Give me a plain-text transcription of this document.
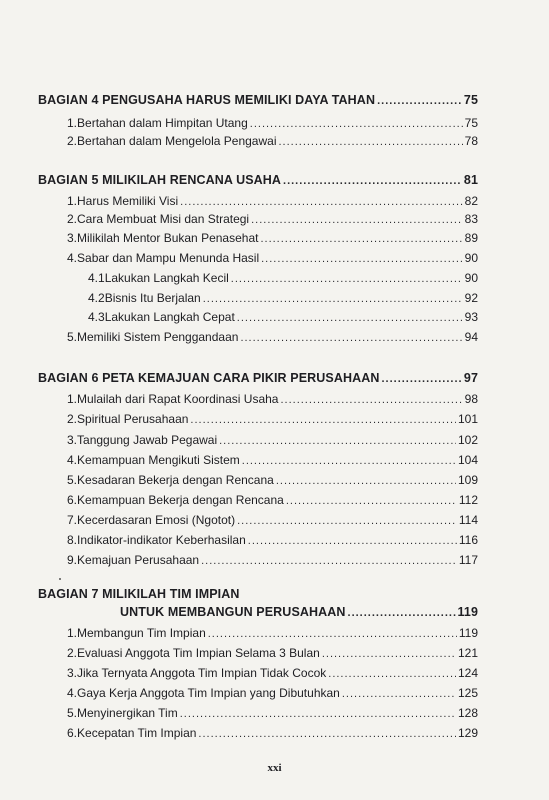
BAGIAN 4 PENGUSAHA HARUS MEMILIKI DAYA TAHAN .....	75
1. Bertahan dalam Himpitan Utang .....	75
2. Bertahan dalam Mengelola Pengawai .....	78
BAGIAN 5 MILIKILAH RENCANA USAHA .....	81
1. Harus Memiliki Visi .....	82
2. Cara Membuat Misi dan Strategi .....	83
3. Milikilah Mentor Bukan Penasehat .....	89
4. Sabar dan Mampu Menunda Hasil .....	90
4.1 Lakukan Langkah Kecil .....	90
4.2 Bisnis Itu Berjalan .....	92
4.3 Lakukan Langkah Cepat .....	93
5. Memiliki Sistem Penggandaan .....	94
BAGIAN 6 PETA KEMAJUAN CARA PIKIR PERUSAHAAN .....	97
1. Mulailah dari Rapat Koordinasi Usaha .....	98
2. Spiritual Perusahaan .....	101
3. Tanggung Jawab Pegawai .....	102
4. Kemampuan Mengikuti Sistem .....	104
5. Kesadaran Bekerja dengan Rencana .....	109
6. Kemampuan Bekerja dengan Rencana .....	112
7. Kecerdasaran Emosi (Ngotot) .....	114
8. Indikator-indikator Keberhasilan .....	116
9. Kemajuan Perusahaan .....	117
BAGIAN 7 MILIKILAH TIM IMPIAN
UNTUK MEMBANGUN PERUSAHAAN .....	119
1. Membangun Tim Impian .....	119
2. Evaluasi Anggota Tim Impian Selama 3 Bulan .....	121
3. Jika Ternyata Anggota Tim Impian Tidak Cocok .....	124
4. Gaya Kerja Anggota Tim Impian yang Dibutuhkan .....	125
5. Menyinergikan Tim .....	128
6. Kecepatan Tim Impian .....	129
xxi
